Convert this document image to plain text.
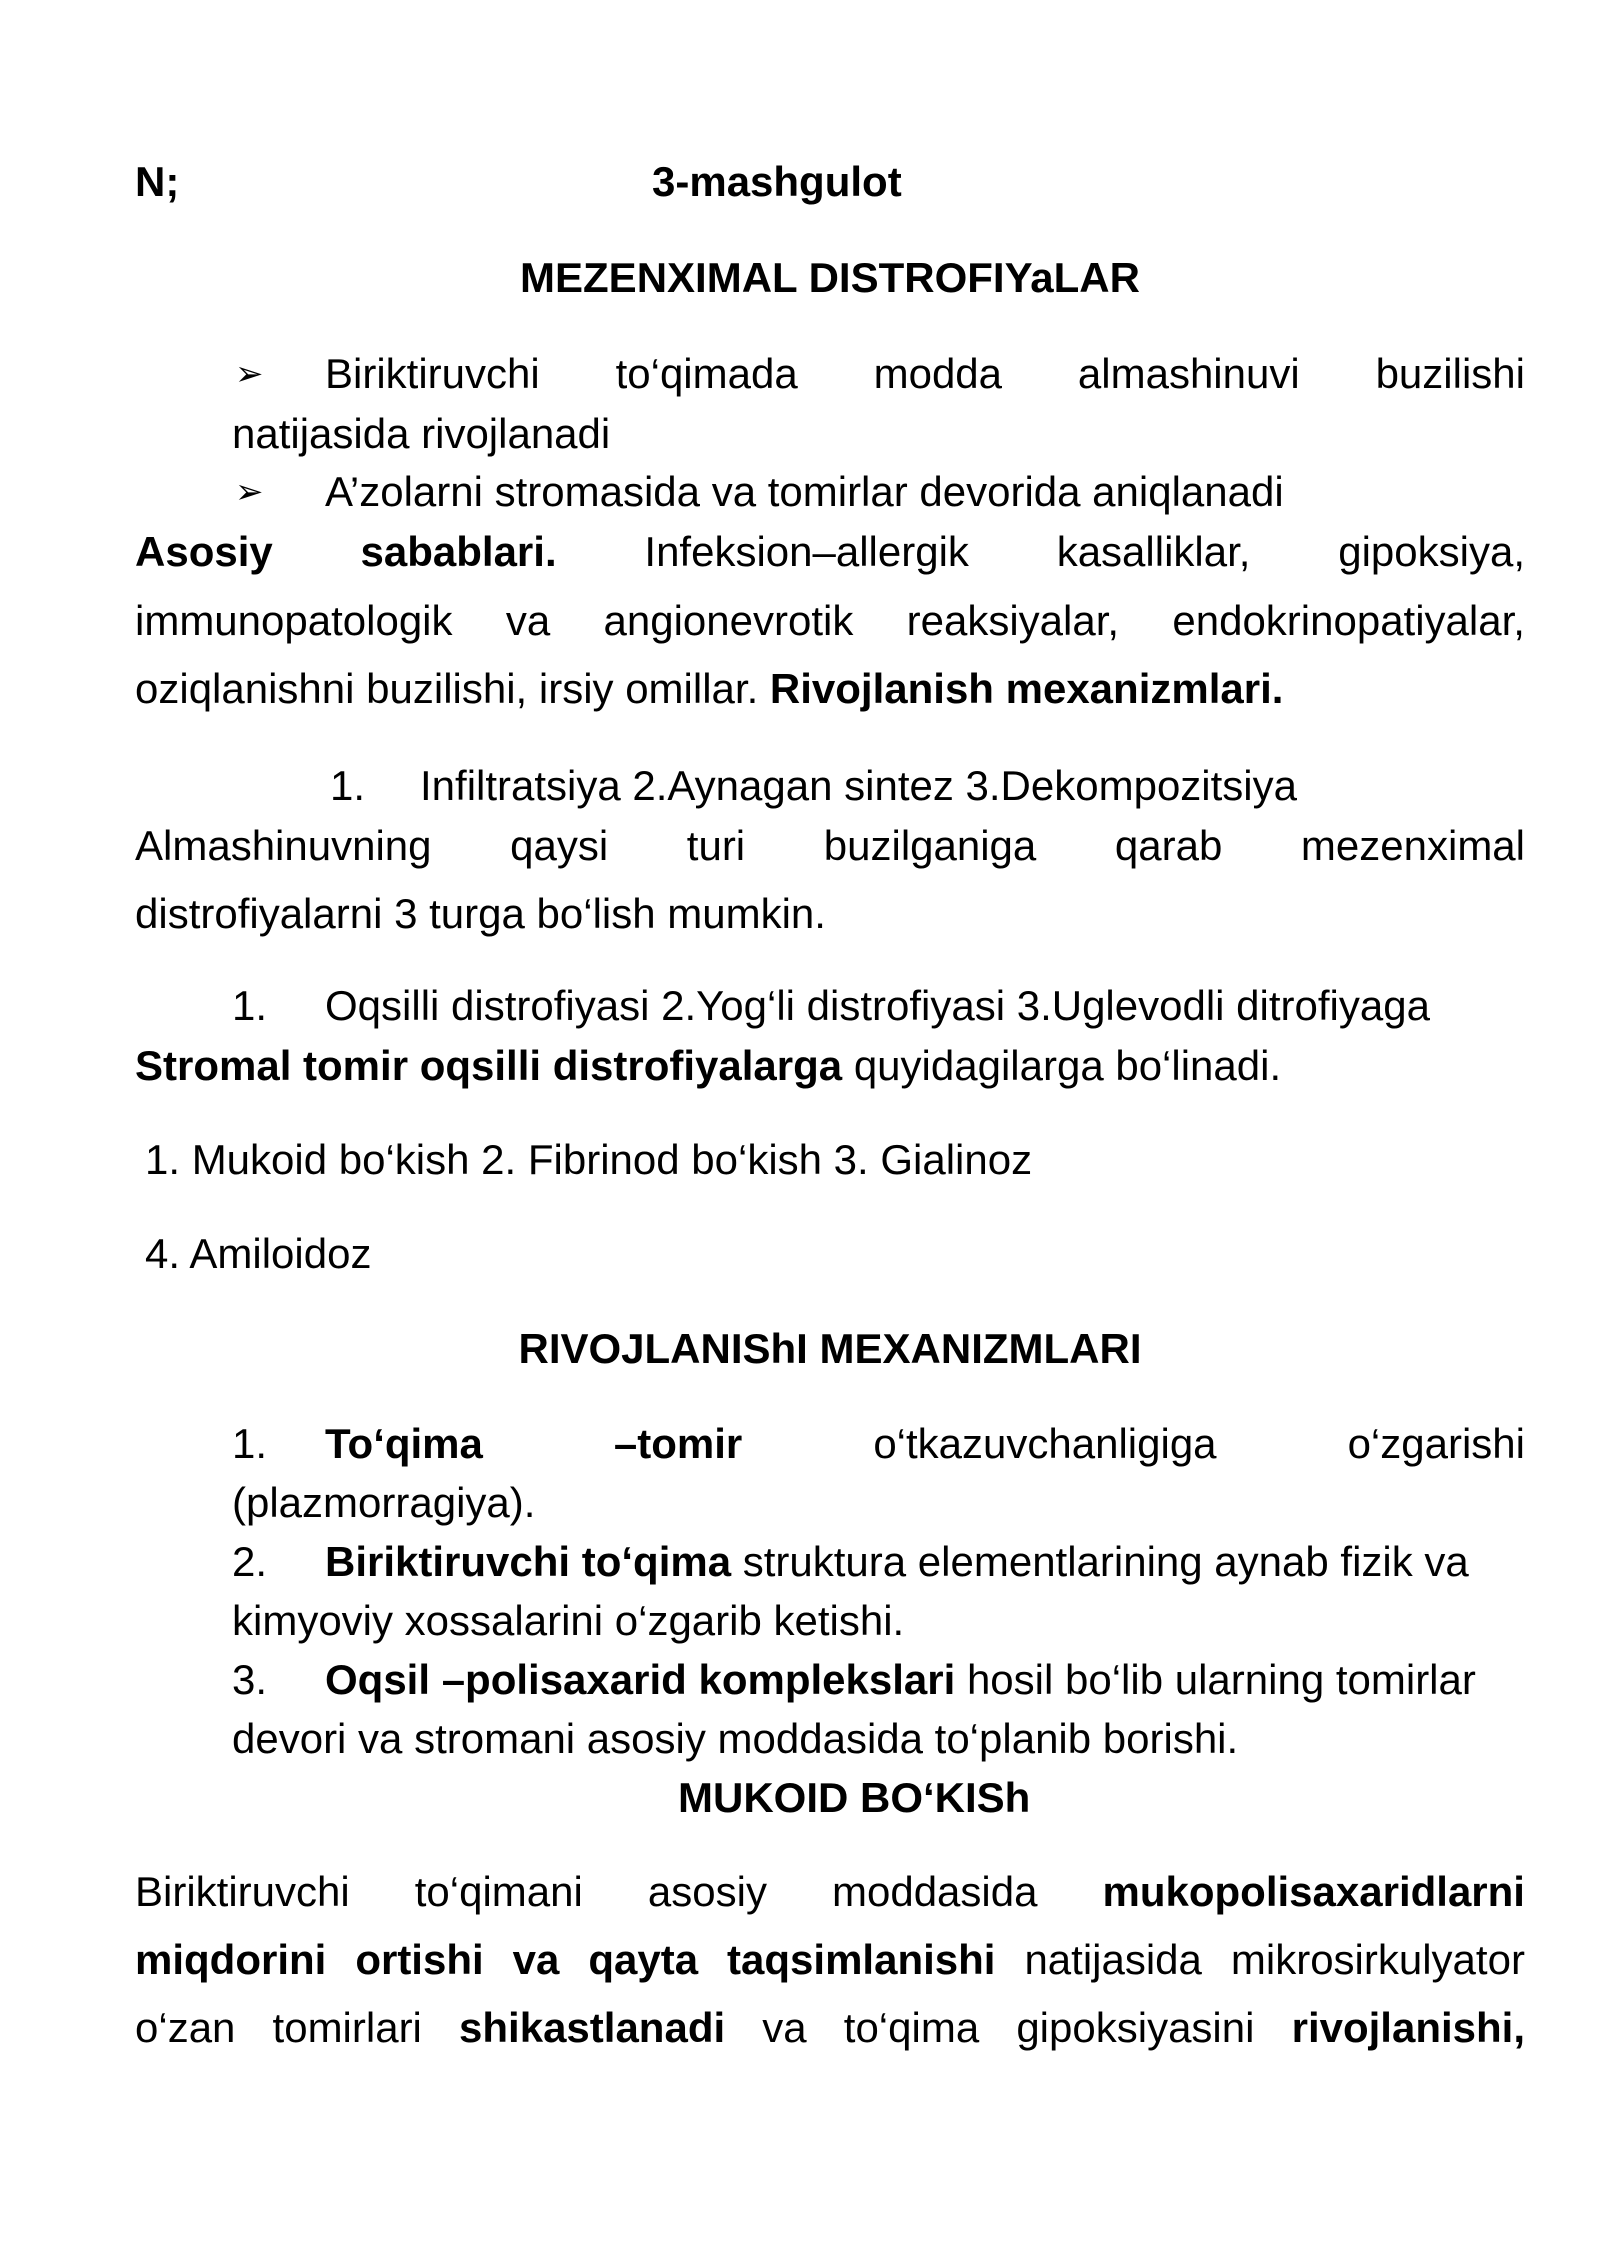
N;	3-mashgulot
MEZENXIMAL DISTROFIYaLAR
➢ Biriktiruvchi to‘qimada modda almashinuvi buzilishi
natijasida rivojlanadi
➢ A’zolarni stromasida va tomirlar devorida aniqlanadi
Asosiy sabablari. Infeksion–allergik kasalliklar, gipoksiya,
immunopatologik va angionevrotik reaksiyalar, endokrinopatiyalar,
oziqlanishni buzilishi, irsiy omillar. Rivojlanish mexanizmlari.
1. Infiltratsiya 2.Aynagan sintez 3.Dekompozitsiya
Almashinuvning qaysi turi buzilganiga qarab mezenximal
distrofiyalarni 3 turga bo‘lish mumkin.
1. Oqsilli distrofiyasi 2.Yog‘li distrofiyasi 3.Uglevodli ditrofiyaga
Stromal tomir oqsilli distrofiyalarga quyidagilarga bo‘linadi.
1. Mukoid bo‘kish 2. Fibrinod bo‘kish 3. Gialinoz
4. Amiloidoz
RIVOJLANIShI MEXANIZMLARI
1. To‘qima	–tomir	o‘tkazuvchanligiga	o‘zgarishi
(plazmorragiya).
2. Biriktiruvchi to‘qima struktura elementlarining aynab fizik va
kimyoviy xossalarini o‘zgarib ketishi.
3. Oqsil –polisaxarid komplekslari hosil bo‘lib ularning tomirlar
devori va stromani asosiy moddasida to‘planib borishi.
MUKOID BO‘KISh
Biriktiruvchi to‘qimani asosiy moddasida mukopolisaxaridlarni
miqdorini ortishi va qayta taqsimlanishi natijasida mikrosirkulyator
o‘zan tomirlari shikastlanadi va to‘qima gipoksiyasini rivojlanishi,
